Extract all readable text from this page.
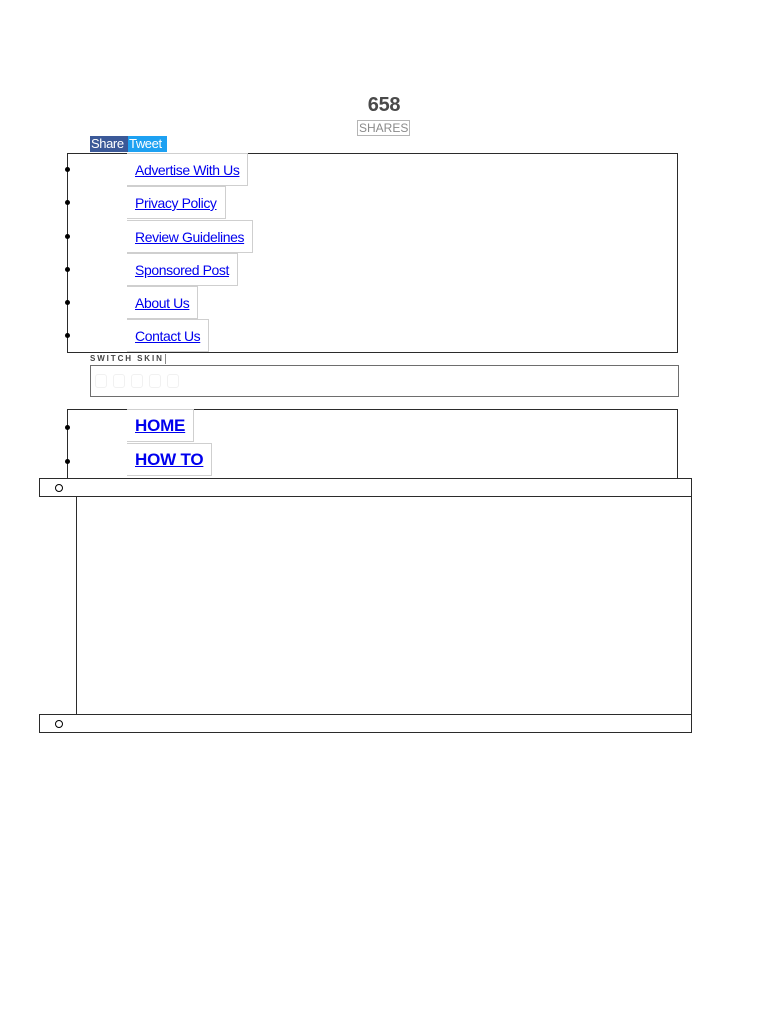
658
SHARES
Share Tweet
Advertise With Us
Privacy Policy
Review Guidelines
Sponsored Post
About Us
Contact Us
SWITCH SKIN
HOME
HOW TO
